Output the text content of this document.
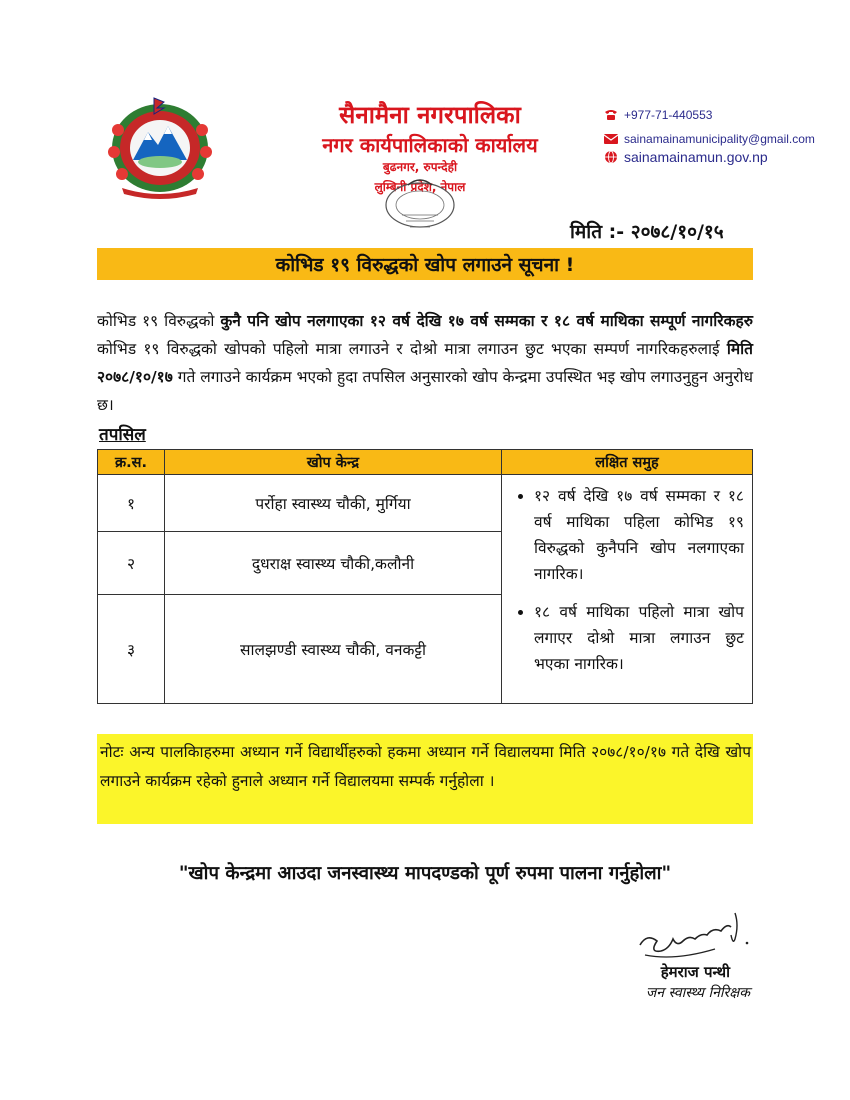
सैनामैना नगरपालिका
नगर कार्यपालिकाको कार्यालय
बुढनगर, रुपन्देही
लुम्बिनी प्रदेश, नेपाल
+977-71-440553
sainamainamunicipality@gmail.com
sainamainamun.gov.np
मिति :- २०७८/१०/१५
कोभिड १९ विरुद्धको खोप लगाउने सूचना !
कोभिड १९ विरुद्धको कुनै पनि खोप नलगाएका १२ वर्ष देखि १७ वर्ष सम्मका र १८ वर्ष माथिका सम्पूर्ण नागरिकहरु कोभिड १९ विरुद्धको खोपको पहिलो मात्रा लगाउने र दोश्रो मात्रा लगाउन छुट भएका सम्पर्ण नागरिकहरुलाई मिति २०७८/१०/१७ गते लगाउने कार्यक्रम भएको हुदा तपसिल अनुसारको खोप केन्द्रमा उपस्थित भइ खोप लगाउनुहुन अनुरोध छ।
तपसिल
क्र.स.	खोप केन्द्र	लक्षित समुह
१	पर्रोहा स्वास्थ्य चौकी, मुर्गिया
२	दुधराक्ष स्वास्थ्य चौकी,कलौनी
३	सालझण्डी स्वास्थ्य चौकी, वनकट्टी
• १२ वर्ष देखि १७ वर्ष सम्मका र १८ वर्ष माथिका पहिला कोभिड १९ विरुद्धको कुनैपनि खोप नलगाएका नागरिक।
• १८ वर्ष माथिका पहिलो मात्रा खोप लगाएर दोश्रो मात्रा लगाउन छुट भएका नागरिक।
नोटः अन्य पालकिाहरुमा अध्यान गर्ने विद्यार्थीहरुको हकमा अध्यान गर्ने विद्यालयमा मिति २०७८/१०/१७ गते देखि खोप लगाउने कार्यक्रम रहेको हुनाले अध्यान गर्ने विद्यालयमा सम्पर्क गर्नुहोला ।
"खोप केन्द्रमा आउदा जनस्वास्थ्य मापदण्डको पूर्ण रुपमा पालना गर्नुहोला"
हेमराज पन्थी
जन स्वास्थ्य निरिक्षक
